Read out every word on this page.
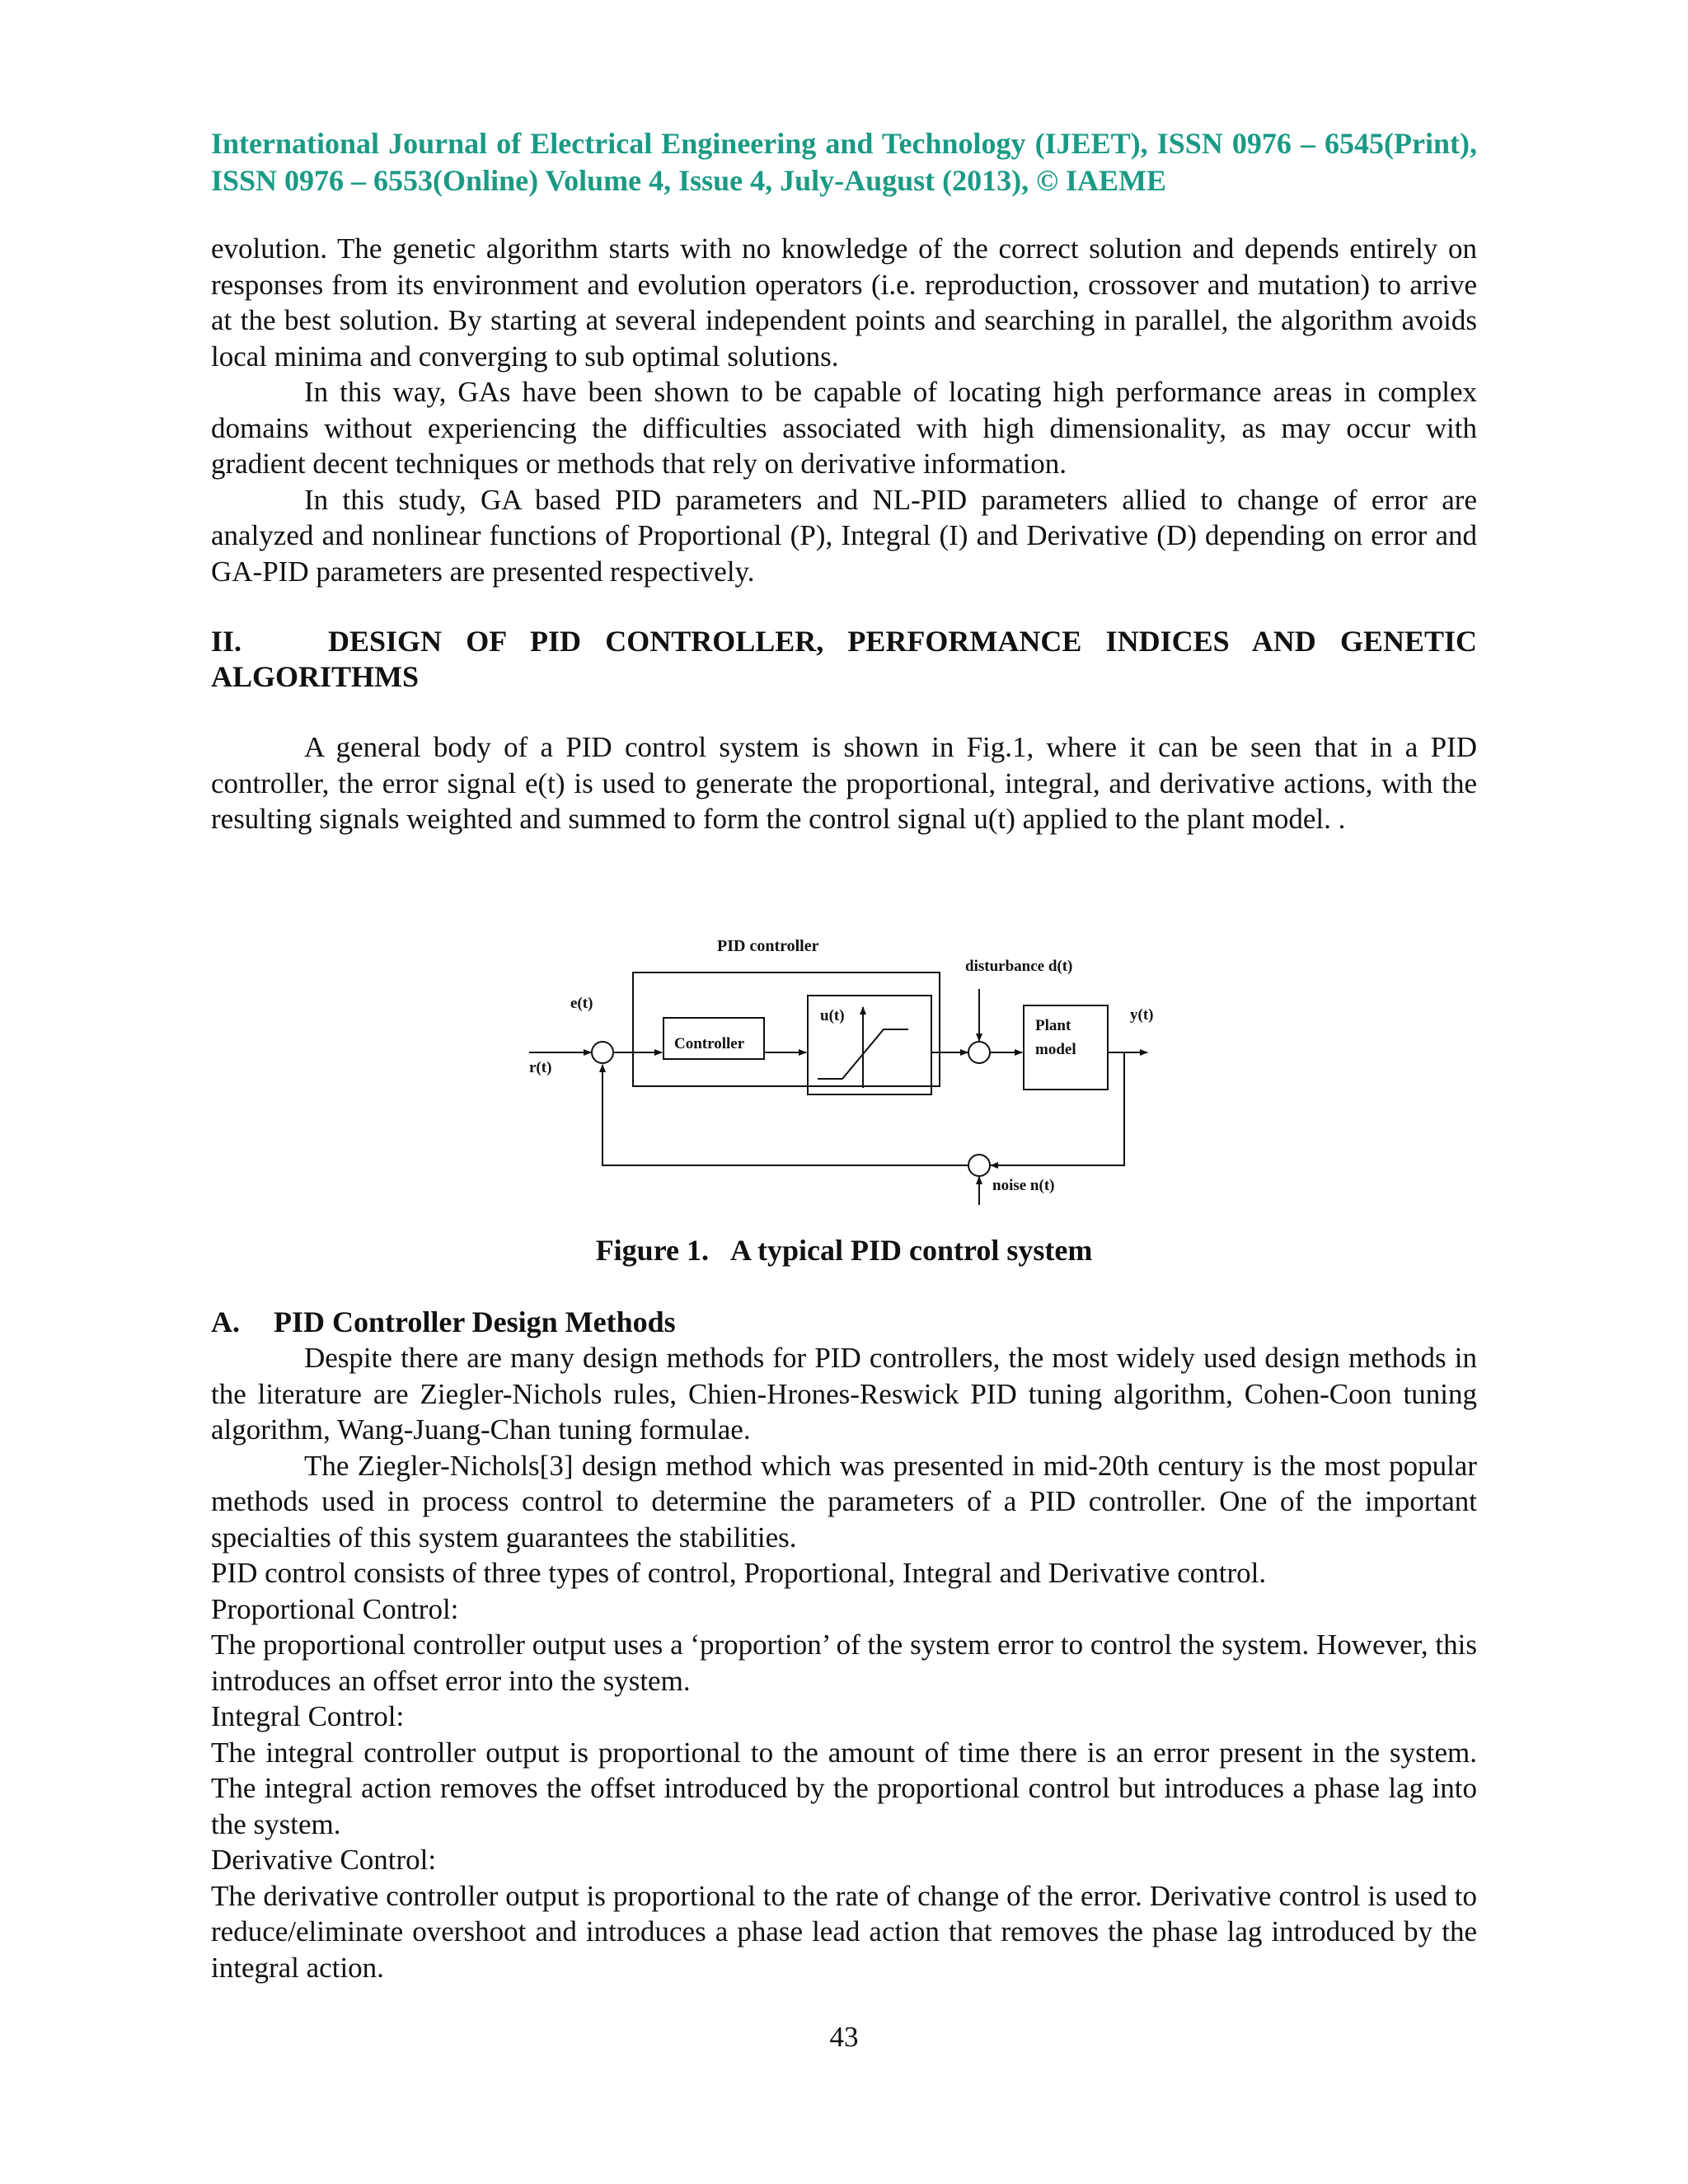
International Journal of Electrical Engineering and Technology (IJEET), ISSN 0976 – 6545(Print), ISSN 0976 – 6553(Online) Volume 4, Issue 4, July-August (2013), © IAEME

evolution. The genetic algorithm starts with no knowledge of the correct solution and depends entirely on responses from its environment and evolution operators (i.e. reproduction, crossover and mutation) to arrive at the best solution. By starting at several independent points and searching in parallel, the algorithm avoids local minima and converging to sub optimal solutions.

In this way, GAs have been shown to be capable of locating high performance areas in complex domains without experiencing the difficulties associated with high dimensionality, as may occur with gradient decent techniques or methods that rely on derivative information.

In this study, GA based PID parameters and NL-PID parameters allied to change of error are analyzed and nonlinear functions of Proportional (P), Integral (I) and Derivative (D) depending on error and GA-PID parameters are presented respectively.

II.	DESIGN OF PID CONTROLLER, PERFORMANCE INDICES AND GENETIC ALGORITHMS

A general body of a PID control system is shown in Fig.1, where it can be seen that in a PID controller, the error signal e(t) is used to generate the proportional, integral, and derivative actions, with the resulting signals weighted and summed to form the control signal u(t) applied to the plant model. .

PID controller
disturbance d(t)
e(t)
r(t)
Controller
u(t)
Plant
model
y(t)
noise n(t)
Figure 1. A typical PID control system
A. PID Controller Design Methods

Despite there are many design methods for PID controllers, the most widely used design methods in the literature are Ziegler-Nichols rules, Chien-Hrones-Reswick PID tuning algorithm, Cohen-Coon tuning algorithm, Wang-Juang-Chan tuning formulae.

The Ziegler-Nichols[3] design method which was presented in mid-20th century is the most popular methods used in process control to determine the parameters of a PID controller. One of the important specialties of this system guarantees the stabilities.

PID control consists of three types of control, Proportional, Integral and Derivative control.

Proportional Control:

The proportional controller output uses a ‘proportion’ of the system error to control the system. However, this introduces an offset error into the system.

Integral Control:

The integral controller output is proportional to the amount of time there is an error present in the system. The integral action removes the offset introduced by the proportional control but introduces a phase lag into the system.

Derivative Control:

The derivative controller output is proportional to the rate of change of the error. Derivative control is used to reduce/eliminate overshoot and introduces a phase lead action that removes the phase lag introduced by the integral action.

43
